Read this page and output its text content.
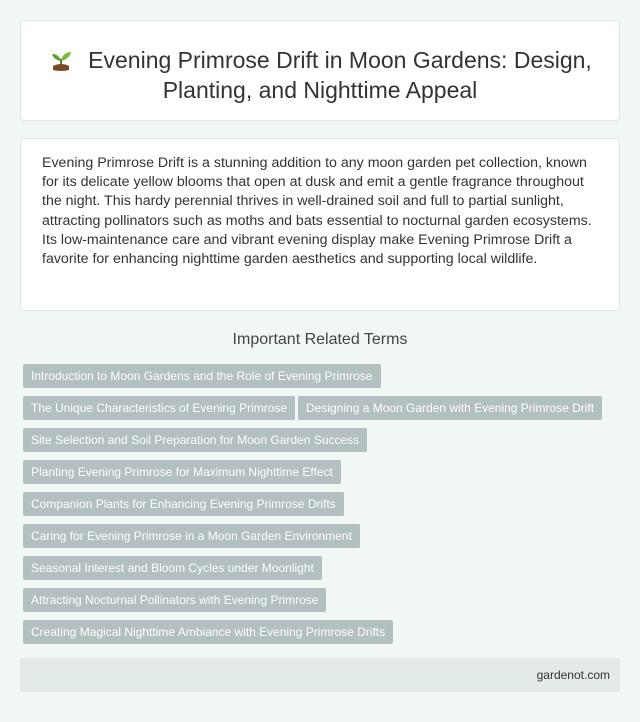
Evening Primrose Drift in Moon Gardens: Design, Planting, and Nighttime Appeal

Evening Primrose Drift is a stunning addition to any moon garden pet collection, known for its delicate yellow blooms that open at dusk and emit a gentle fragrance throughout the night. This hardy perennial thrives in well-drained soil and full to partial sunlight, attracting pollinators such as moths and bats essential to nocturnal garden ecosystems. Its low-maintenance care and vibrant evening display make Evening Primrose Drift a favorite for enhancing nighttime garden aesthetics and supporting local wildlife.

Important Related Terms
Introduction to Moon Gardens and the Role of Evening Primrose
The Unique Characteristics of Evening Primrose	Designing a Moon Garden with Evening Primrose Drift
Site Selection and Soil Preparation for Moon Garden Success
Planting Evening Primrose for Maximum Nighttime Effect
Companion Plants for Enhancing Evening Primrose Drifts
Caring for Evening Primrose in a Moon Garden Environment
Seasonal Interest and Bloom Cycles under Moonlight
Attracting Nocturnal Pollinators with Evening Primrose
Creating Magical Nighttime Ambiance with Evening Primrose Drifts
gardenot.com
